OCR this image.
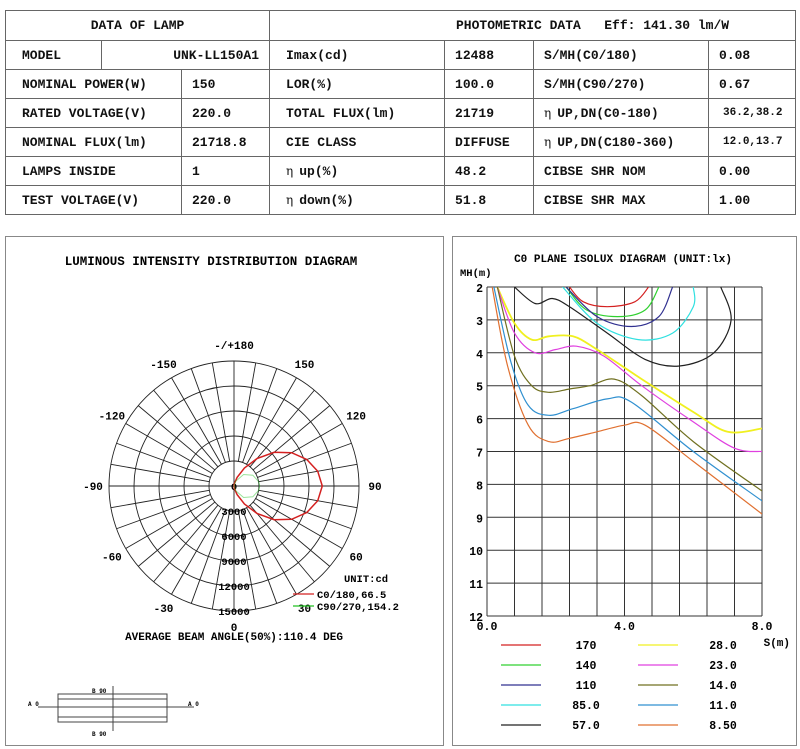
DATA OF LAMP			PHOTOMETRIC DATA Eff: 141.30 lm/W			
MODEL	UNK-LL150A1		Imax(cd)	12488	S/MH(C0/180)	0.08
NOMINAL POWER(W)		150	LOR(%)	100.0	S/MH(C90/270)	0.67
RATED VOLTAGE(V)		220.0	TOTAL FLUX(lm)	21719	η UP,DN(C0-180)	36.2,38.2
NOMINAL FLUX(lm)		21718.8	CIE CLASS	DIFFUSE	η UP,DN(C180-360)	12.0,13.7
LAMPS INSIDE		1	η up(%)	48.2	CIBSE SHR NOM	0.00
TEST VOLTAGE(V)		220.0	η down(%)	51.8	CIBSE SHR MAX	1.00
LUMINOUS INTENSITY DISTRIBUTION DIAGRAM
-/+180
150
120
90
60
30
0
-30
-60
-90
-120
-150
0
3000
6000
9000
12000
15000
UNIT:cd
C0/180,66.5
C90/270,154.2
AVERAGE BEAM ANGLE(50%):110.4 DEG
B 90
B 90
A 0	A 0
C0 PLANE ISOLUX DIAGRAM (UNIT:lx)
MH(m)
2
3
4
5
6
7
8
9
10
11
12
0.0	4.0	8.0
S(m)
170
140
110
85.0
57.0
28.0
23.0
14.0
11.0
8.50
